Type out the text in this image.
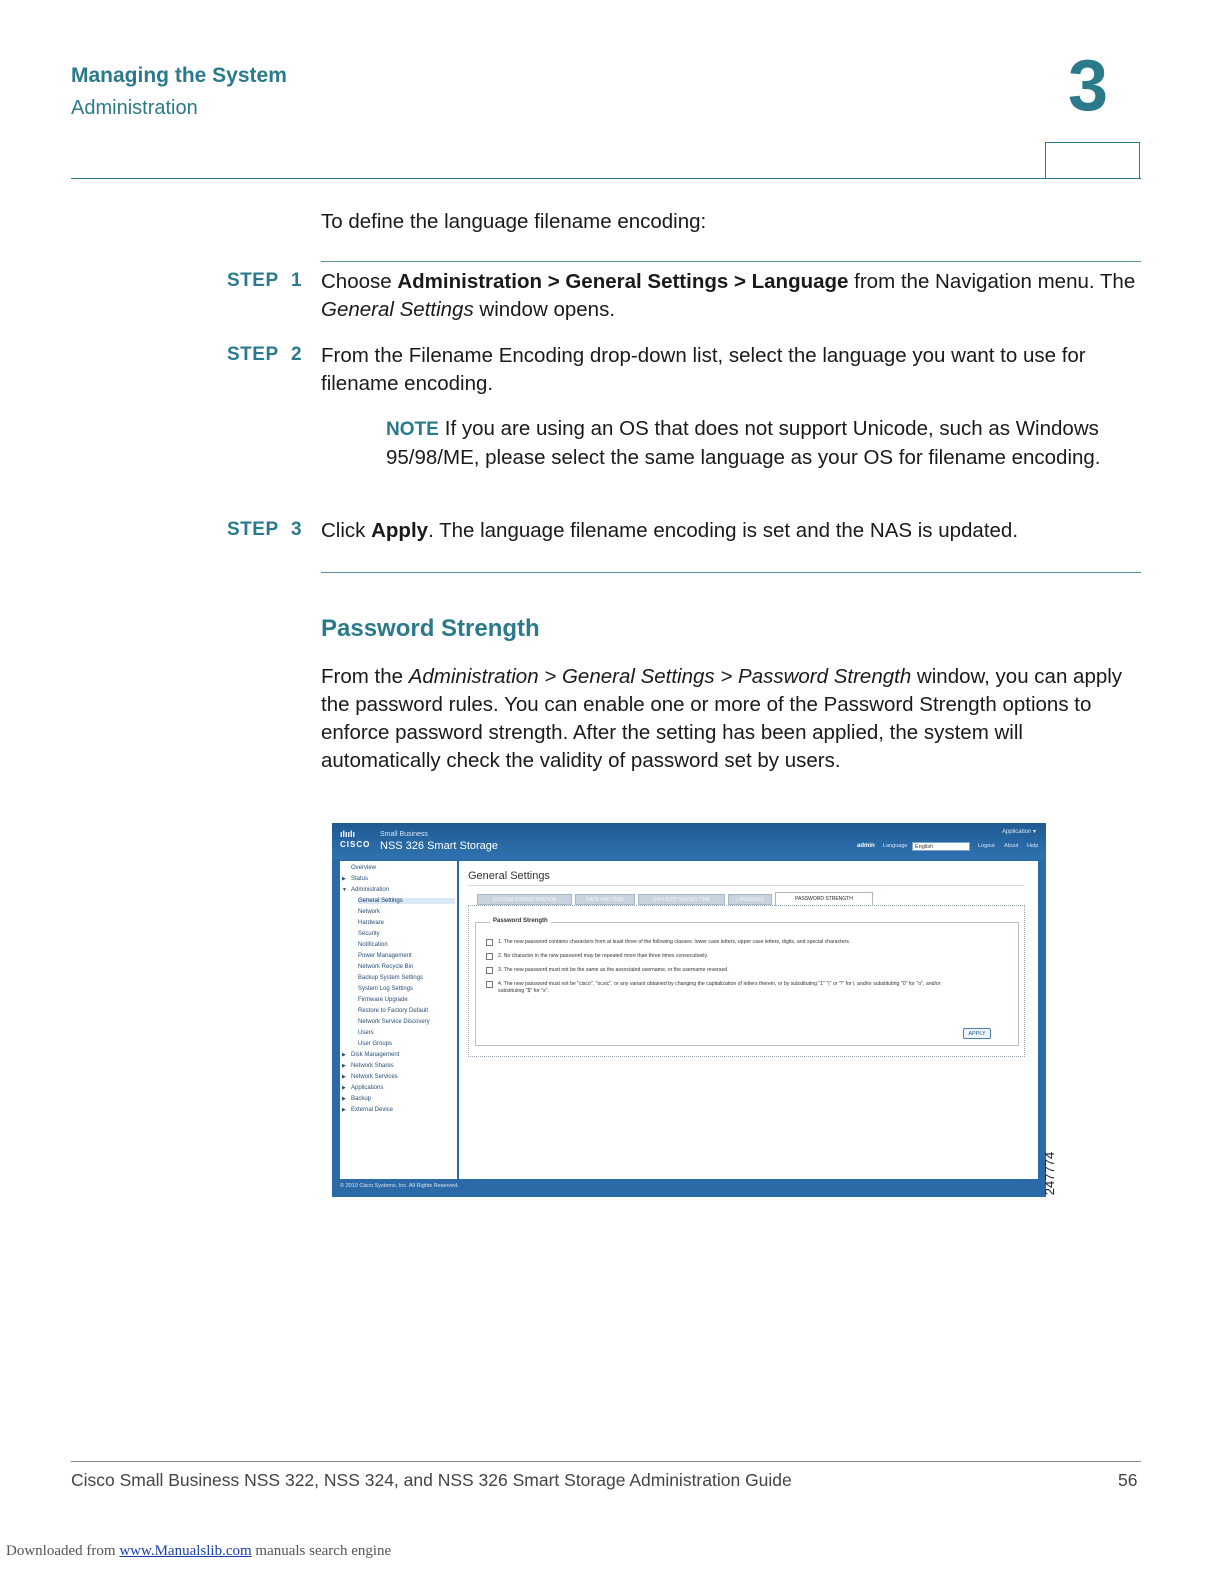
Managing the System
Administration	3
To define the language filename encoding:
STEP 1 Choose Administration > General Settings > Language from the Navigation menu. The General Settings window opens.
STEP 2 From the Filename Encoding drop-down list, select the language you want to use for filename encoding.
NOTE If you are using an OS that does not support Unicode, such as Windows 95/98/ME, please select the same language as your OS for filename encoding.
STEP 3 Click Apply. The language filename encoding is set and the NAS is updated.
Password Strength
From the Administration > General Settings > Password Strength window, you can apply the password rules. You can enable one or more of the Password Strength options to enforce password strength. After the setting has been applied, the system will automatically check the validity of password set by users.
ılıılı
CISCO
Small Business
NSS 326 Smart Storage
Application ▾
admin Language	English	Logout About Help
Overview
▶ Status
▼ Administration
General Settings
Network
Hardware
Security
Notification
Power Management
Network Recycle Bin
Backup System Settings
System Log Settings
Firmware Upgrade
Restore to Factory Default
Network Service Discovery
Users
User Groups
▶ Disk Management
▶ Network Shares
▶ Network Services
▶ Applications
▶ Backup
▶ External Device
General Settings
SYSTEM ADMINISTRATION	DATE AND TIME	DAYLIGHT SAVING TIME	LANGUAGE	PASSWORD STRENGTH
Password Strength
1. The new password contains characters from at least three of the following classes: lower case letters, upper case letters, digits, and special characters.
2. No character in the new password may be repeated more than three times consecutively.
3. The new password must not be the same as the associated username, or the username reversed.
4. The new password must not be "cisco", "ocsic", or any variant obtained by changing the capitalization of letters therein, or by substituting "1" "|" or "!" for i, and/or substituting "0" for "o", and/or substituting "$" for "s".
APPLY
© 2010 Cisco Systems, Inc. All Rights Reserved.	247774
Cisco Small Business NSS 322, NSS 324, and NSS 326 Smart Storage Administration Guide	56
Downloaded from www.Manualslib.com manuals search engine
